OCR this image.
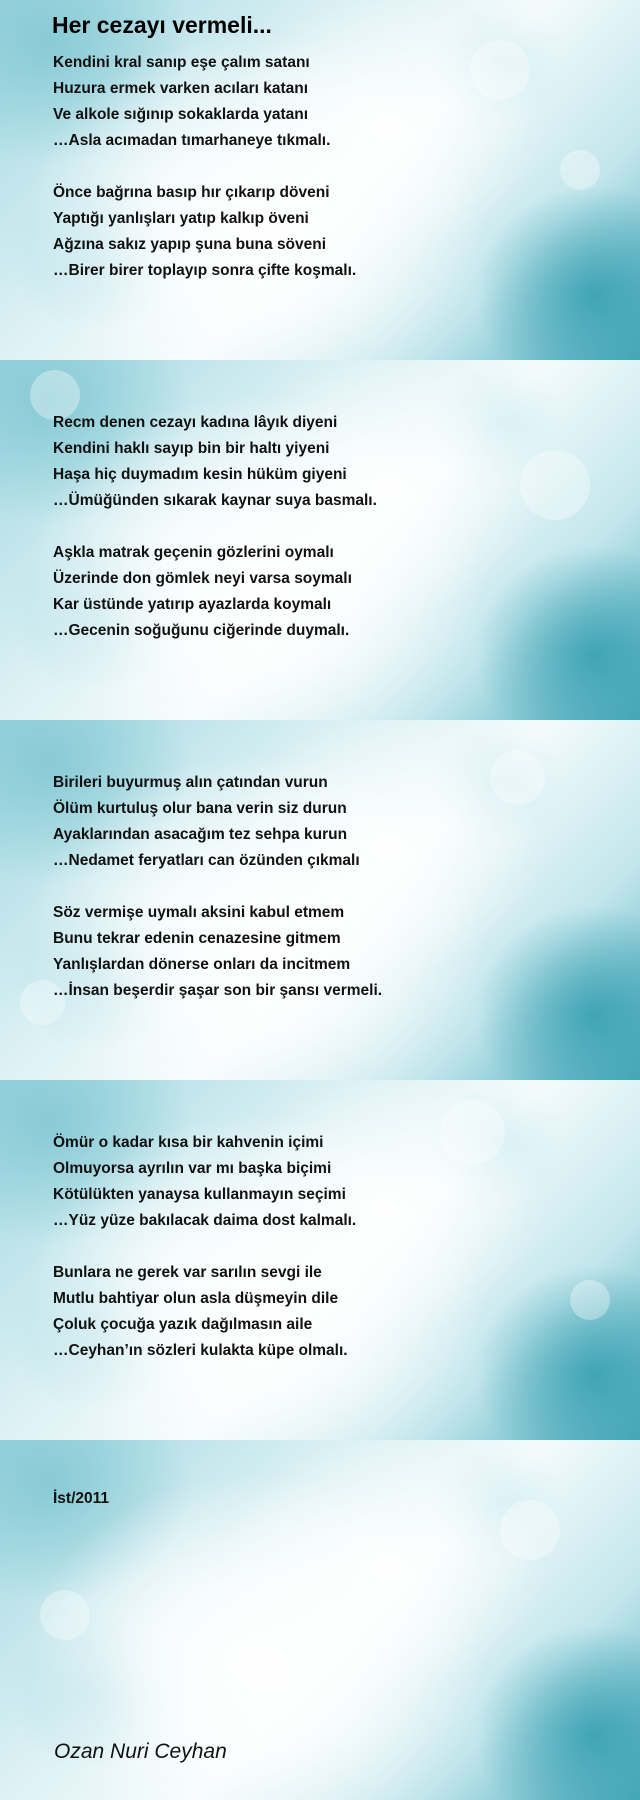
Her cezayı vermeli...
Kendini kral sanıp eşe çalım satanı
Huzura ermek varken acıları katanı
Ve alkole sığınıp sokaklarda yatanı
…Asla acımadan tımarhaneye tıkmalı.
Önce bağrına basıp hır çıkarıp döveni
Yaptığı yanlışları yatıp kalkıp öveni
Ağzına sakız yapıp şuna buna söveni
…Birer birer toplayıp sonra çifte koşmalı.
Recm denen cezayı kadına lâyık diyeni
Kendini haklı sayıp bin bir haltı yiyeni
Haşa hiç duymadım kesin hüküm giyeni
…Ümüğünden sıkarak kaynar suya basmalı.
Aşkla matrak geçenin gözlerini oymalı
Üzerinde don gömlek neyi varsa soymalı
Kar üstünde yatırıp ayazlarda koymalı
…Gecenin soğuğunu ciğerinde duymalı.
Birileri buyurmuş alın çatından vurun
Ölüm kurtuluş olur bana verin siz durun
Ayaklarından asacağım tez sehpa kurun
…Nedamet feryatları can özünden çıkmalı
Söz vermişe uymalı aksini kabul etmem
Bunu tekrar edenin cenazesine gitmem
Yanlışlardan dönerse onları da incitmem
…İnsan beşerdir şaşar son bir şansı vermeli.
Ömür o kadar kısa bir kahvenin içimi
Olmuyorsa ayrılın var mı başka biçimi
Kötülükten yanaysa kullanmayın seçimi
…Yüz yüze bakılacak daima dost kalmalı.
Bunlara ne gerek var sarılın sevgi ile
Mutlu bahtiyar olun asla düşmeyin dile
Çoluk çocuğa yazık dağılmasın aile
…Ceyhan’ın sözleri kulakta küpe olmalı.
İst/2011
Ozan Nuri Ceyhan
